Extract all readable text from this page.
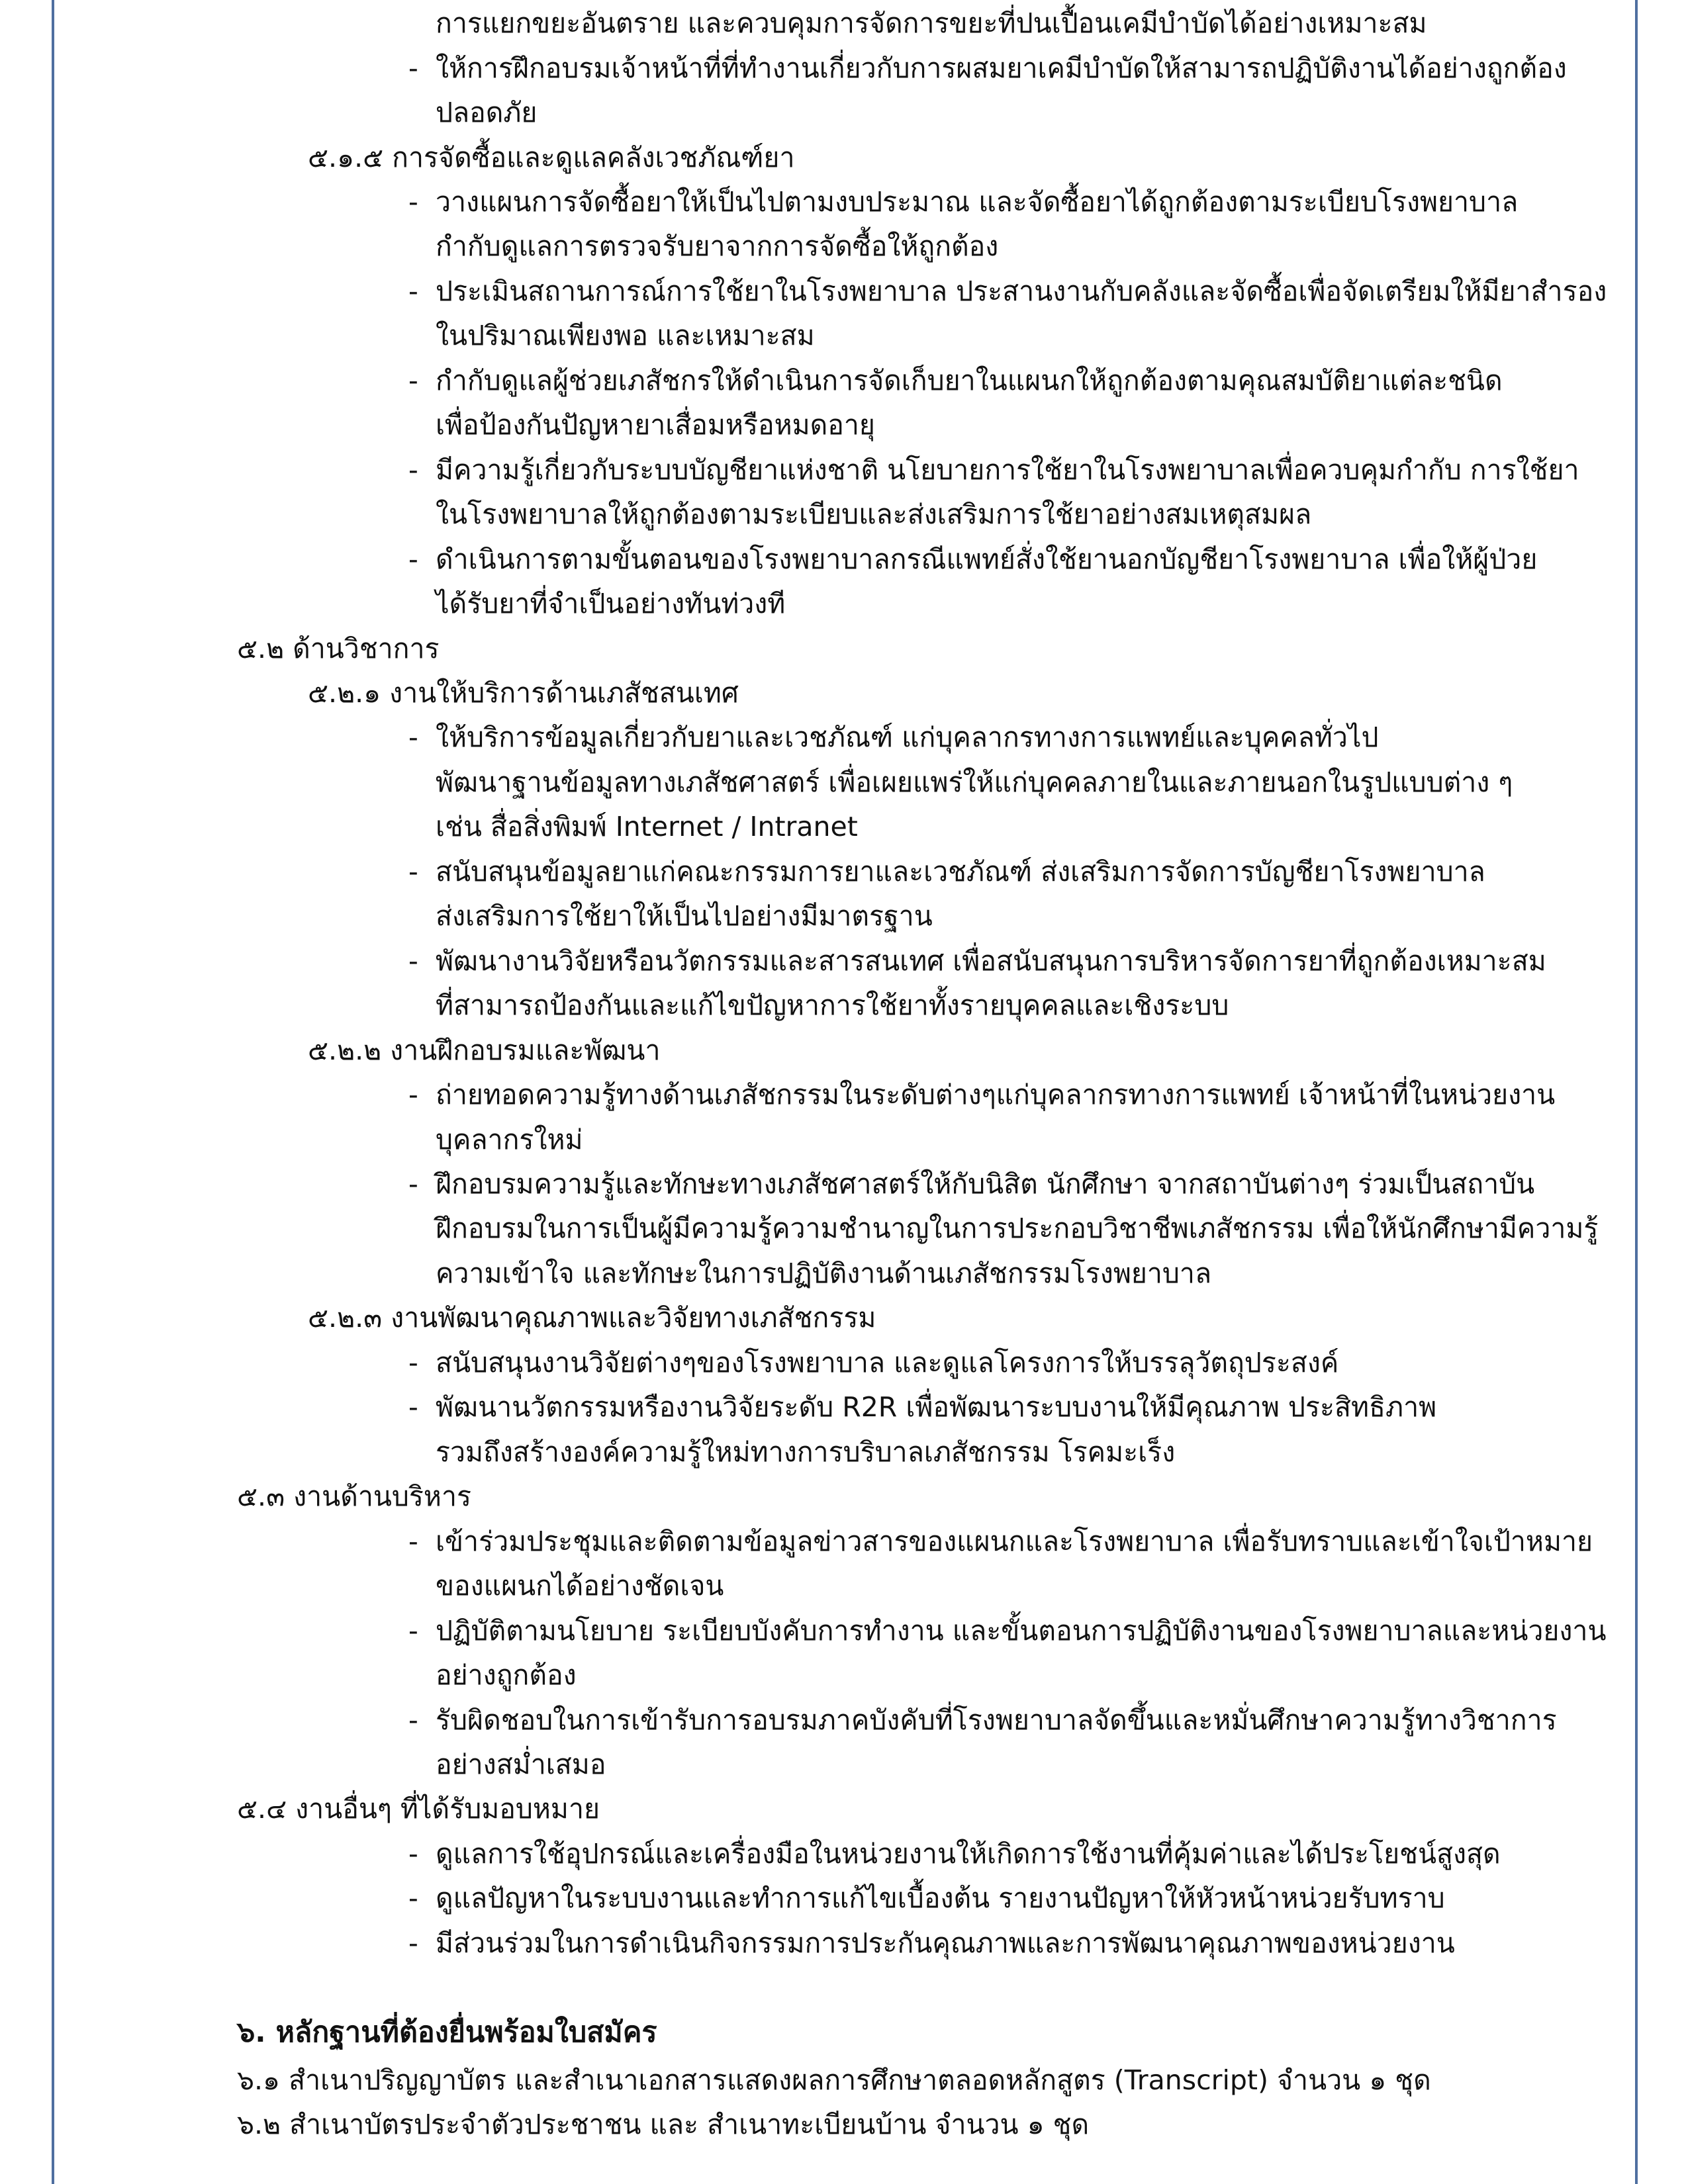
การแยกขยะอันตราย และควบคุมการจัดการขยะที่ปนเปื้อนเคมีบำบัดได้อย่างเหมาะสม
- ให้การฝึกอบรมเจ้าหน้าที่ที่ทำงานเกี่ยวกับการผสมยาเคมีบำบัดให้สามารถปฏิบัติงานได้อย่างถูกต้อง
ปลอดภัย
๕.๑.๕ การจัดซื้อและดูแลคลังเวชภัณฑ์ยา
- วางแผนการจัดซื้อยาให้เป็นไปตามงบประมาณ และจัดซื้อยาได้ถูกต้องตามระเบียบโรงพยาบาล
กำกับดูแลการตรวจรับยาจากการจัดซื้อให้ถูกต้อง
- ประเมินสถานการณ์การใช้ยาในโรงพยาบาล ประสานงานกับคลังและจัดซื้อเพื่อจัดเตรียมให้มียาสำรอง
ในปริมาณเพียงพอ และเหมาะสม
- กำกับดูแลผู้ช่วยเภสัชกรให้ดำเนินการจัดเก็บยาในแผนกให้ถูกต้องตามคุณสมบัติยาแต่ละชนิด
เพื่อป้องกันปัญหายาเสื่อมหรือหมดอายุ
- มีความรู้เกี่ยวกับระบบบัญชียาแห่งชาติ นโยบายการใช้ยาในโรงพยาบาลเพื่อควบคุมกำกับ การใช้ยา
ในโรงพยาบาลให้ถูกต้องตามระเบียบและส่งเสริมการใช้ยาอย่างสมเหตุสมผล
- ดำเนินการตามขั้นตอนของโรงพยาบาลกรณีแพทย์สั่งใช้ยานอกบัญชียาโรงพยาบาล เพื่อให้ผู้ป่วย
ได้รับยาที่จำเป็นอย่างทันท่วงที
๕.๒ ด้านวิชาการ
๕.๒.๑ งานให้บริการด้านเภสัชสนเทศ
- ให้บริการข้อมูลเกี่ยวกับยาและเวชภัณฑ์ แก่บุคลากรทางการแพทย์และบุคคลทั่วไป
พัฒนาฐานข้อมูลทางเภสัชศาสตร์ เพื่อเผยแพร่ให้แก่บุคคลภายในและภายนอกในรูปแบบต่าง ๆ
เช่น สื่อสิ่งพิมพ์ Internet / Intranet
- สนับสนุนข้อมูลยาแก่คณะกรรมการยาและเวชภัณฑ์ ส่งเสริมการจัดการบัญชียาโรงพยาบาล
ส่งเสริมการใช้ยาให้เป็นไปอย่างมีมาตรฐาน
- พัฒนางานวิจัยหรือนวัตกรรมและสารสนเทศ เพื่อสนับสนุนการบริหารจัดการยาที่ถูกต้องเหมาะสม
ที่สามารถป้องกันและแก้ไขปัญหาการใช้ยาทั้งรายบุคคลและเชิงระบบ
๕.๒.๒ งานฝึกอบรมและพัฒนา
- ถ่ายทอดความรู้ทางด้านเภสัชกรรมในระดับต่างๆแก่บุคลากรทางการแพทย์ เจ้าหน้าที่ในหน่วยงาน
บุคลากรใหม่
- ฝึกอบรมความรู้และทักษะทางเภสัชศาสตร์ให้กับนิสิต นักศึกษา จากสถาบันต่างๆ ร่วมเป็นสถาบัน
ฝึกอบรมในการเป็นผู้มีความรู้ความชำนาญในการประกอบวิชาชีพเภสัชกรรม เพื่อให้นักศึกษามีความรู้
ความเข้าใจ และทักษะในการปฏิบัติงานด้านเภสัชกรรมโรงพยาบาล
๕.๒.๓ งานพัฒนาคุณภาพและวิจัยทางเภสัชกรรม
- สนับสนุนงานวิจัยต่างๆของโรงพยาบาล และดูแลโครงการให้บรรลุวัตถุประสงค์
- พัฒนานวัตกรรมหรืองานวิจัยระดับ R2R เพื่อพัฒนาระบบงานให้มีคุณภาพ ประสิทธิภาพ
รวมถึงสร้างองค์ความรู้ใหม่ทางการบริบาลเภสัชกรรม โรคมะเร็ง
๕.๓ งานด้านบริหาร
- เข้าร่วมประชุมและติดตามข้อมูลข่าวสารของแผนกและโรงพยาบาล เพื่อรับทราบและเข้าใจเป้าหมาย
ของแผนกได้อย่างชัดเจน
- ปฏิบัติตามนโยบาย ระเบียบบังคับการทำงาน และขั้นตอนการปฏิบัติงานของโรงพยาบาลและหน่วยงาน
อย่างถูกต้อง
- รับผิดชอบในการเข้ารับการอบรมภาคบังคับที่โรงพยาบาลจัดขึ้นและหมั่นศึกษาความรู้ทางวิชาการ
อย่างสม่ำเสมอ
๕.๔ งานอื่นๆ ที่ได้รับมอบหมาย
- ดูแลการใช้อุปกรณ์และเครื่องมือในหน่วยงานให้เกิดการใช้งานที่คุ้มค่าและได้ประโยชน์สูงสุด
- ดูแลปัญหาในระบบงานและทำการแก้ไขเบื้องต้น รายงานปัญหาให้หัวหน้าหน่วยรับทราบ
- มีส่วนร่วมในการดำเนินกิจกรรมการประกันคุณภาพและการพัฒนาคุณภาพของหน่วยงาน
๖. หลักฐานที่ต้องยื่นพร้อมใบสมัคร
๖.๑ สำเนาปริญญาบัตร และสำเนาเอกสารแสดงผลการศึกษาตลอดหลักสูตร (Transcript) จำนวน ๑ ชุด
๖.๒ สำเนาบัตรประจำตัวประชาชน และ สำเนาทะเบียนบ้าน จำนวน ๑ ชุด
